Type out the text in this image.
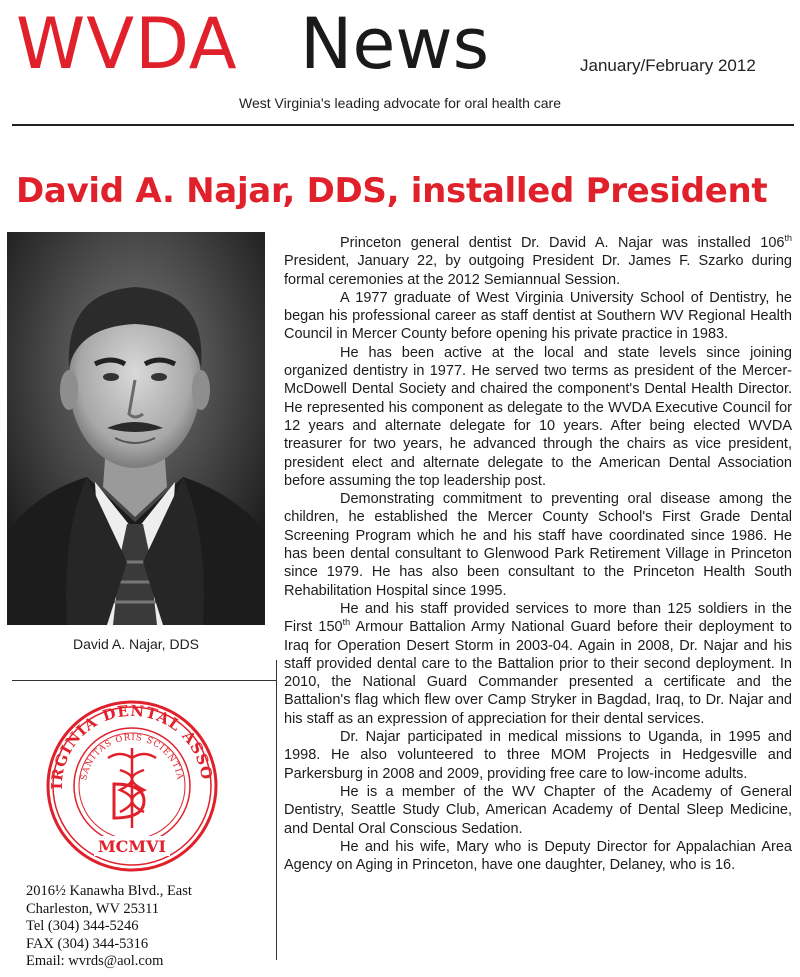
WVDA News	January/February 2012
West Virginia's leading advocate for oral health care
David A. Najar, DDS, installed President
David A. Najar, DDS
IRGINIA DENTAL ASSO
SANITAS ORIS SCIENTIA
MCMVI
2016½ Kanawha Blvd., East
Charleston, WV 25311
Tel (304) 344-5246
FAX (304) 344-5316
Email: wvrds@aol.com

Princeton general dentist Dr. David A. Najar was installed 106th President, January 22, by outgoing President Dr. James F. Szarko during formal ceremonies at the 2012 Semiannual Session.

A 1977 graduate of West Virginia University School of Dentistry, he began his professional career as staff dentist at Southern WV Regional Health Council in Mercer County before opening his private practice in 1983.

He has been active at the local and state levels since joining organized dentistry in 1977. He served two terms as president of the Mercer-McDowell Dental Society and chaired the component's Dental Health Director. He represented his component as delegate to the WVDA Executive Council for 12 years and alternate delegate for 10 years. After being elected WVDA treasurer for two years, he advanced through the chairs as vice president, president elect and alternate delegate to the American Dental Association before assuming the top leadership post.

Demonstrating commitment to preventing oral disease among the children, he established the Mercer County School's First Grade Dental Screening Program which he and his staff have coordinated since 1986. He has been dental consultant to Glenwood Park Retirement Village in Princeton since 1979. He has also been consultant to the Princeton Health South Rehabilitation Hospital since 1995.

He and his staff provided services to more than 125 soldiers in the First 150th Armour Battalion Army National Guard before their deployment to Iraq for Operation Desert Storm in 2003-04. Again in 2008, Dr. Najar and his staff provided dental care to the Battalion prior to their second deployment. In 2010, the National Guard Commander presented a certificate and the Battalion's flag which flew over Camp Stryker in Bagdad, Iraq, to Dr. Najar and his staff as an expression of appreciation for their dental services.

Dr. Najar participated in medical missions to Uganda, in 1995 and 1998. He also volunteered to three MOM Projects in Hedgesville and Parkersburg in 2008 and 2009, providing free care to low-income adults.

He is a member of the WV Chapter of the Academy of General Dentistry, Seattle Study Club, American Academy of Dental Sleep Medicine, and Dental Oral Conscious Sedation.

He and his wife, Mary who is Deputy Director for Appalachian Area Agency on Aging in Princeton, have one daughter, Delaney, who is 16.
